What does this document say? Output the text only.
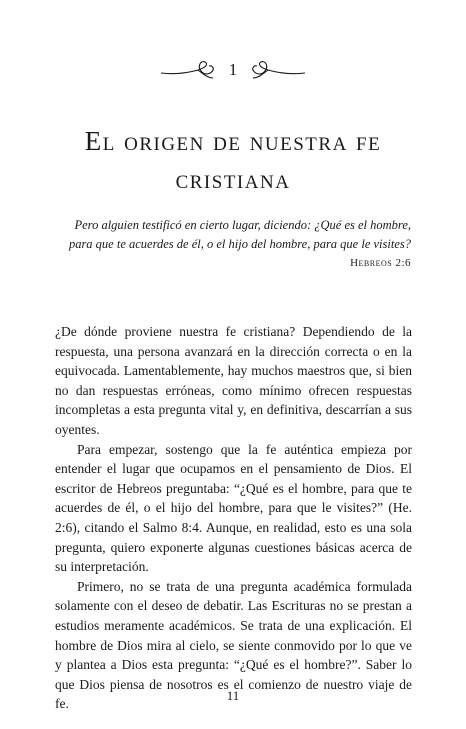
1
El origen de nuestra fe cristiana
Pero alguien testificó en cierto lugar, diciendo: ¿Qué es el hombre, para que te acuerdes de él, o el hijo del hombre, para que le visites?
Hebreos 2:6

¿De dónde proviene nuestra fe cristiana? Dependiendo de la respuesta, una persona avanzará en la dirección correcta o en la equivocada. Lamentablemente, hay muchos maestros que, si bien no dan respuestas erróneas, como mínimo ofrecen respuestas incompletas a esta pregunta vital y, en definitiva, descarrían a sus oyentes.

Para empezar, sostengo que la fe auténtica empieza por entender el lugar que ocupamos en el pensamiento de Dios. El escritor de Hebreos preguntaba: “¿Qué es el hombre, para que te acuerdes de él, o el hijo del hombre, para que le visites?” (He. 2:6), citando el Salmo 8:4. Aunque, en realidad, esto es una sola pregunta, quiero exponerte algunas cuestiones básicas acerca de su interpretación.

Primero, no se trata de una pregunta académica formulada solamente con el deseo de debatir. Las Escrituras no se prestan a estudios meramente académicos. Se trata de una explicación. El hombre de Dios mira al cielo, se siente conmovido por lo que ve y plantea a Dios esta pregunta: “¿Qué es el hombre?”. Saber lo que Dios piensa de nosotros es el comienzo de nuestro viaje de fe.

11
